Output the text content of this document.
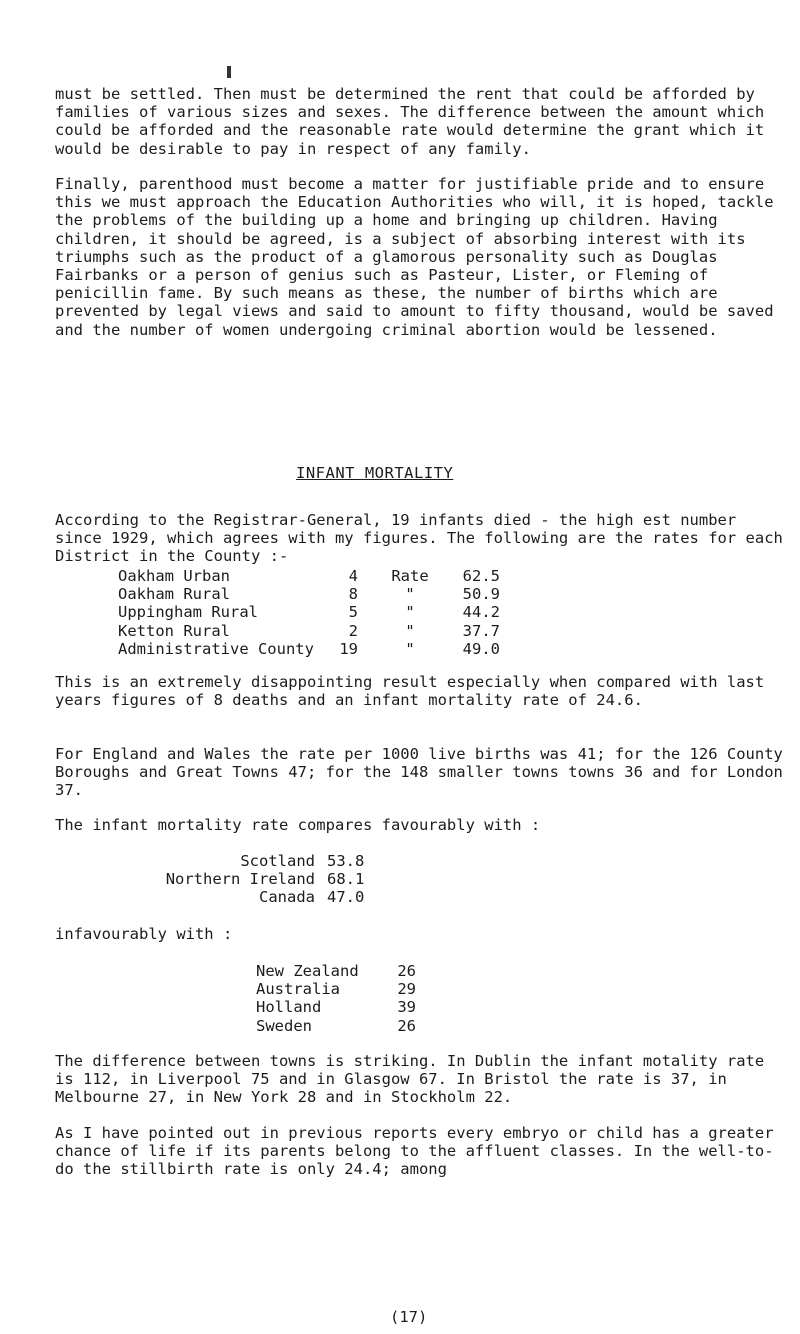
must be settled. Then must be determined the rent that could be afforded by families of various sizes and sexes. The difference between the amount which could be afforded and the reasonable rate would determine the grant which it would be desirable to pay in respect of any family.

Finally, parenthood must become a matter for justifiable pride and to ensure this we must approach the Education Authorities who will, it is hoped, tackle the problems of the building up a home and bringing up children. Having children, it should be agreed, is a subject of absorbing interest with its triumphs such as the product of a glamorous personality such as Douglas Fairbanks or a person of genius such as Pasteur, Lister, or Fleming of penicillin fame. By such means as these, the number of births which are prevented by legal views and said to amount to fifty thousand, would be saved and the number of women undergoing criminal abortion would be lessened.

INFANT MORTALITY

According to the Registrar-General, 19 infants died - the high est number since 1929, which agrees with my figures. The following are the rates for each District in the County :-

Oakham Urban	4	Rate	62.5
Oakham Rural	8	"	50.9
Uppingham Rural	5	"	44.2
Ketton Rural	2	"	37.7
Administrative County	19	"	49.0

This is an extremely disappointing result especially when compared with last years figures of 8 deaths and an infant mortality rate of 24.6.

For England and Wales the rate per 1000 live births was 41; for the 126 County Boroughs and Great Towns 47; for the 148 smaller towns towns 36 and for London 37.

The infant mortality rate compares favourably with :

Scotland	53.8
Northern Ireland	68.1
Canada	47.0

infavourably with :

New Zealand	26
Australia	29
Holland	39
Sweden	26

The difference between towns is striking. In Dublin the infant motality rate is 112, in Liverpool 75 and in Glasgow 67. In Bristol the rate is 37, in Melbourne 27, in New York 28 and in Stockholm 22.

As I have pointed out in previous reports every embryo or child has a greater chance of life if its parents belong to the affluent classes. In the well-to-do the stillbirth rate is only 24.4; among

(17)
